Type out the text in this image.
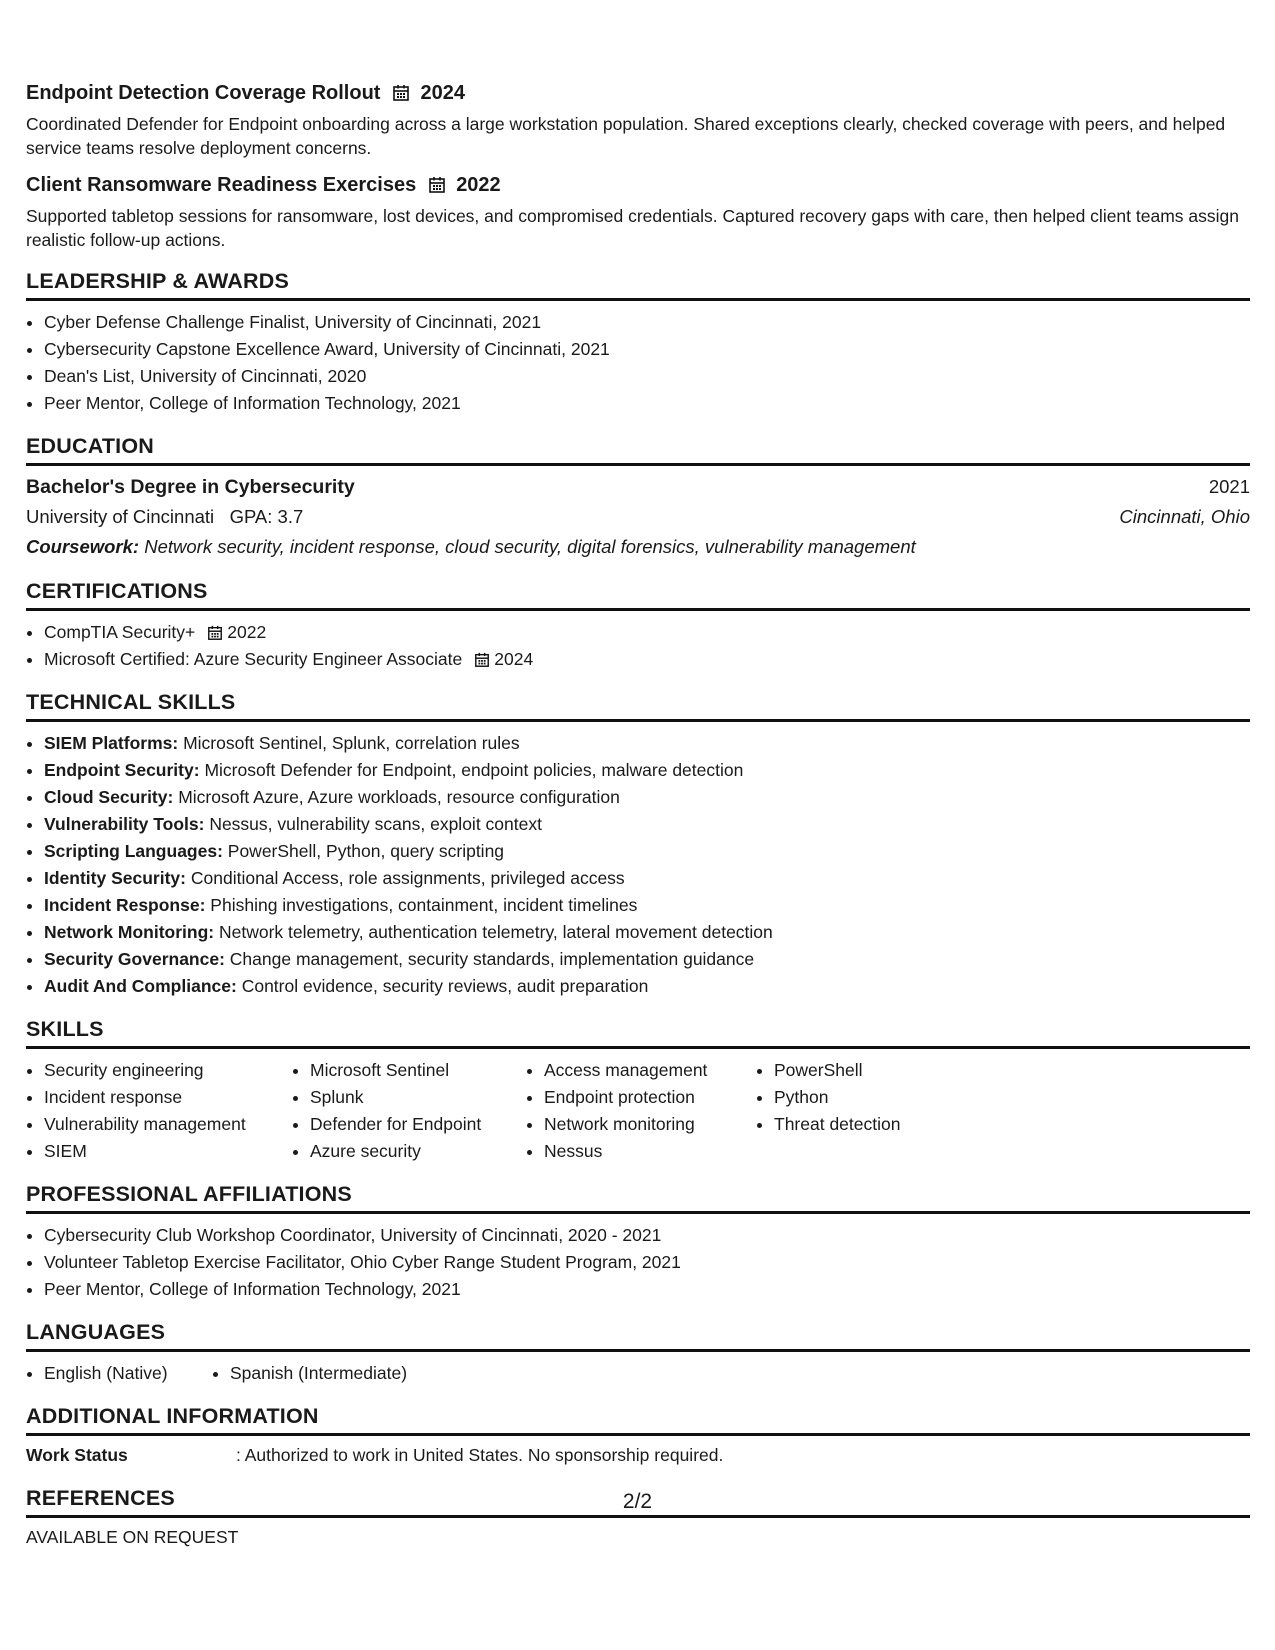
Endpoint Detection Coverage Rollout 2024
Coordinated Defender for Endpoint onboarding across a large workstation population. Shared exceptions clearly, checked coverage with peers, and helped service teams resolve deployment concerns.
Client Ransomware Readiness Exercises 2022
Supported tabletop sessions for ransomware, lost devices, and compromised credentials. Captured recovery gaps with care, then helped client teams assign realistic follow-up actions.
LEADERSHIP & AWARDS
• Cyber Defense Challenge Finalist, University of Cincinnati, 2021
• Cybersecurity Capstone Excellence Award, University of Cincinnati, 2021
• Dean's List, University of Cincinnati, 2020
• Peer Mentor, College of Information Technology, 2021
EDUCATION
Bachelor's Degree in Cybersecurity	2021
University of Cincinnati GPA: 3.7	Cincinnati, Ohio
Coursework: Network security, incident response, cloud security, digital forensics, vulnerability management
CERTIFICATIONS
• CompTIA Security+ 2022
• Microsoft Certified: Azure Security Engineer Associate 2024
TECHNICAL SKILLS
• SIEM Platforms: Microsoft Sentinel, Splunk, correlation rules
• Endpoint Security: Microsoft Defender for Endpoint, endpoint policies, malware detection
• Cloud Security: Microsoft Azure, Azure workloads, resource configuration
• Vulnerability Tools: Nessus, vulnerability scans, exploit context
• Scripting Languages: PowerShell, Python, query scripting
• Identity Security: Conditional Access, role assignments, privileged access
• Incident Response: Phishing investigations, containment, incident timelines
• Network Monitoring: Network telemetry, authentication telemetry, lateral movement detection
• Security Governance: Change management, security standards, implementation guidance
• Audit And Compliance: Control evidence, security reviews, audit preparation
SKILLS
• Security engineering
• Incident response
• Vulnerability management
• SIEM
• Microsoft Sentinel
• Splunk
• Defender for Endpoint
• Azure security
• Access management
• Endpoint protection
• Network monitoring
• Nessus
• PowerShell
• Python
• Threat detection
PROFESSIONAL AFFILIATIONS
• Cybersecurity Club Workshop Coordinator, University of Cincinnati, 2020 - 2021
• Volunteer Tabletop Exercise Facilitator, Ohio Cyber Range Student Program, 2021
• Peer Mentor, College of Information Technology, 2021
LANGUAGES
• English (Native)
•	Spanish (Intermediate)
ADDITIONAL INFORMATION
Work Status	: Authorized to work in United States. No sponsorship required.
REFERENCES
AVAILABLE ON REQUEST
2/2
